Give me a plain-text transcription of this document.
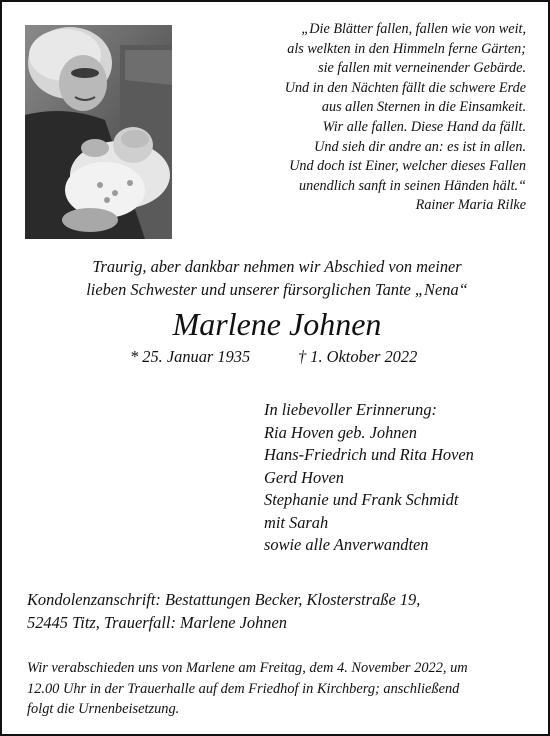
„Die Blätter fallen, fallen wie von weit,
als welkten in den Himmeln ferne Gärten;
sie fallen mit verneinender Gebärde.
Und in den Nächten fällt die schwere Erde
aus allen Sternen in die Einsamkeit.
Wir alle fallen. Diese Hand da fällt.
Und sieh dir andre an: es ist in allen.
Und doch ist Einer, welcher dieses Fallen
unendlich sanft in seinen Händen hält.“
Rainer Maria Rilke
Traurig, aber dankbar nehmen wir Abschied von meiner
lieben Schwester und unserer fürsorglichen Tante „Nena“
Marlene Johnen
* 25. Januar 1935	† 1. Oktober 2022
In liebevoller Erinnerung:
Ria Hoven geb. Johnen
Hans-Friedrich und Rita Hoven
Gerd Hoven
Stephanie und Frank Schmidt
mit Sarah
sowie alle Anverwandten
Kondolenzanschrift: Bestattungen Becker, Klosterstraße 19,
52445 Titz, Trauerfall: Marlene Johnen
Wir verabschieden uns von Marlene am Freitag, dem 4. November 2022, um
12.00 Uhr in der Trauerhalle auf dem Friedhof in Kirchberg; anschließend
folgt die Urnenbeisetzung.
